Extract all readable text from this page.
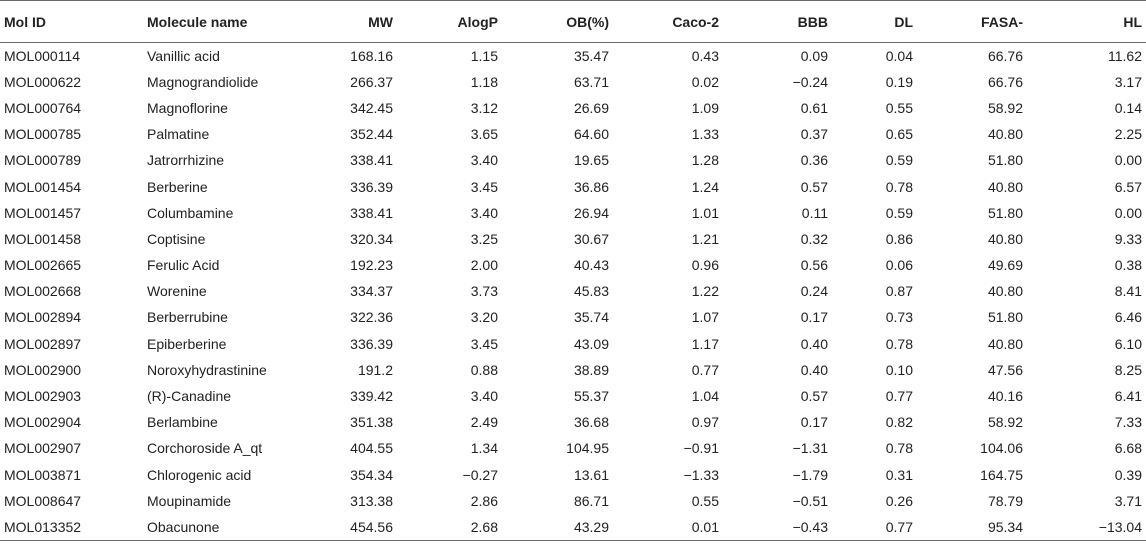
Mol ID	Molecule name	MW	AlogP	OB(%)	Caco-2	BBB	DL	FASA-	HL
MOL000114	Vanillic acid	168.16	1.15	35.47	0.43	0.09	0.04	66.76	11.62
MOL000622	Magnograndiolide	266.37	1.18	63.71	0.02	−0.24	0.19	66.76	3.17
MOL000764	Magnoflorine	342.45	3.12	26.69	1.09	0.61	0.55	58.92	0.14
MOL000785	Palmatine	352.44	3.65	64.60	1.33	0.37	0.65	40.80	2.25
MOL000789	Jatrorrhizine	338.41	3.40	19.65	1.28	0.36	0.59	51.80	0.00
MOL001454	Berberine	336.39	3.45	36.86	1.24	0.57	0.78	40.80	6.57
MOL001457	Columbamine	338.41	3.40	26.94	1.01	0.11	0.59	51.80	0.00
MOL001458	Coptisine	320.34	3.25	30.67	1.21	0.32	0.86	40.80	9.33
MOL002665	Ferulic Acid	192.23	2.00	40.43	0.96	0.56	0.06	49.69	0.38
MOL002668	Worenine	334.37	3.73	45.83	1.22	0.24	0.87	40.80	8.41
MOL002894	Berberrubine	322.36	3.20	35.74	1.07	0.17	0.73	51.80	6.46
MOL002897	Epiberberine	336.39	3.45	43.09	1.17	0.40	0.78	40.80	6.10
MOL002900	Noroxyhydrastinine	191.2	0.88	38.89	0.77	0.40	0.10	47.56	8.25
MOL002903	(R)-Canadine	339.42	3.40	55.37	1.04	0.57	0.77	40.16	6.41
MOL002904	Berlambine	351.38	2.49	36.68	0.97	0.17	0.82	58.92	7.33
MOL002907	Corchoroside A_qt	404.55	1.34	104.95	−0.91	−1.31	0.78	104.06	6.68
MOL003871	Chlorogenic acid	354.34	−0.27	13.61	−1.33	−1.79	0.31	164.75	0.39
MOL008647	Moupinamide	313.38	2.86	86.71	0.55	−0.51	0.26	78.79	3.71
MOL013352	Obacunone	454.56	2.68	43.29	0.01	−0.43	0.77	95.34	−13.04
